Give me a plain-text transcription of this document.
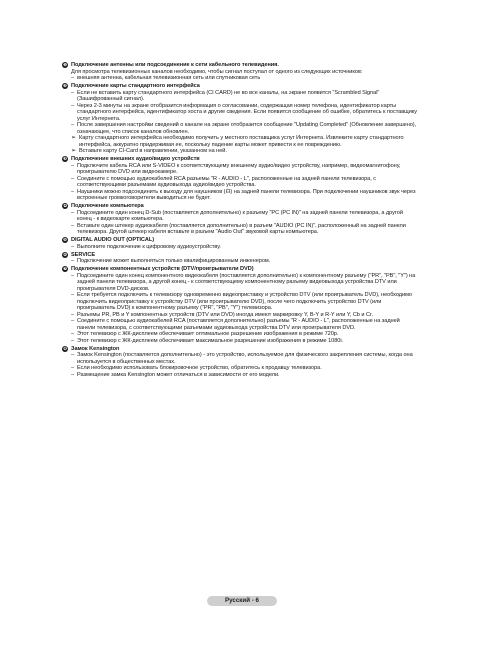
❶ Подключение антенны или подсоединение к сети кабельного телевидения.

Для просмотра телевизионных каналов необходимо, чтобы сигнал поступал от одного из следующих источников:

– внешняя антенна, кабельная телевизионная сеть или спутниковая сеть
❷ Подключение карты стандартного интерфейса
– Если не вставить карту стандартного интерфейса (CI CARD) не во все каналы, на экране появится "Scrambled Signal" (Зашифрованный сигнал).
– Через 2-3 минуты на экране отобразится информация о согласовании, содержащая номер телефона, идентификатор карты стандартного интерфейса, идентификатор хоста и другие сведения. Если появится сообщение об ошибке, обратитесь к поставщику услуг Интернета.
– После завершения настройки сведений о канале на экране отобразится сообщение "Updating Completed" (Обновление завершено), означающее, что список каналов обновлен.
➢ Карту стандартного интерфейса необходимо получить у местного поставщика услуг Интернета. Извлеките карту стандартного интерфейса, аккуратно придерживая ее, поскольку падение карты может привести к ее повреждению.
➢ Вставьте карту CI-Card в направлении, указанном на ней.
❸ Подключение внешних аудио/видео устройств
– Подключите кабель RCA или S-VIDEO к соответствующему внешнему аудио/видео устройству, например, видеомагнитофону, проигрывателю DVD или видеокамере.
– Соедините с помощью аудиокабелей RCA разъемы "R - AUDIO - L", расположенные на задней панели телевизора, с соответствующими разъемами аудиовыхода аудио/видео устройства.
– Наушники можно подсоединить к выходу для наушников (☊) на задней панели телевизора. При подключении наушников звук через встроенные громкоговорители выводиться не будет.
❹ Подключение компьютера
– Подсоедините один конец D-Sub (поставляется дополнительно) к разъему "PC (PC IN)" на задней панели телевизора, а другой конец - к видеокарте компьютера.
– Вставьте один штекер аудиокабеля (поставляется дополнительно) в разъем "AUDIO (PC IN)", расположенный на задней панели телевизора. Другой штекер кабеля вставьте в разъем "Audio Out" звуковой карты компьютера.
❺ DIGITAL AUDIO OUT (OPTICAL)
– Выполните подключение к цифровому аудиоустройству.
❻ SERVICE
– Подключение может выполняться только квалифицированным инженером.
❼ Подключение компонентных устройств (DTV/проигрыватели DVD)
– Подсоедините один конец компонентного видеокабеля (поставляется дополнительно) к компонентному разъему ("PR", "PB", "Y") на задней панели телевизора, а другой конец - к соответствующему компонентному разъему видеовыхода устройства DTV или проигрывателя DVD-дисков.
– Если требуется подключить к телевизору одновременно видеоприставку и устройство DTV (или проигрыватель DVD), необходимо подключить видеоприставку к устройству DTV (или проигрывателю DVD), после чего подключить устройство DTV (или проигрыватель DVD) к компонентному разъему ("PR", "PB", "Y") телевизора.
– Разъемы PR, PB и Y компонентных устройств (DTV или DVD) иногда имеют маркировку Y, B-Y и R-Y или Y, Cb и Cr.
– Соедините с помощью аудиокабелей RCA (поставляется дополнительно) разъемы "R - AUDIO - L", расположенные на задней панели телевизора, с соответствующими разъемами аудиовыхода устройства DTV или проигрывателя DVD.
– Этот телевизор с ЖК-дисплеем обеспечивает оптимальное разрешение изображения в режиме 720p.
– Этот телевизор с ЖК-дисплеем обеспечивает максимальное разрешение изображения в режиме 1080i.
❽ Замок Kensington
– Замок Kensington (поставляется дополнительно) - это устройство, используемое для физического закрепления системы, когда она используется в общественных местах.
– Если необходимо использовать блокировочное устройство, обратитесь к продавцу телевизора.
– Размещение замка Kensington может отличаться в зависимости от его модели.
Русский - 6
